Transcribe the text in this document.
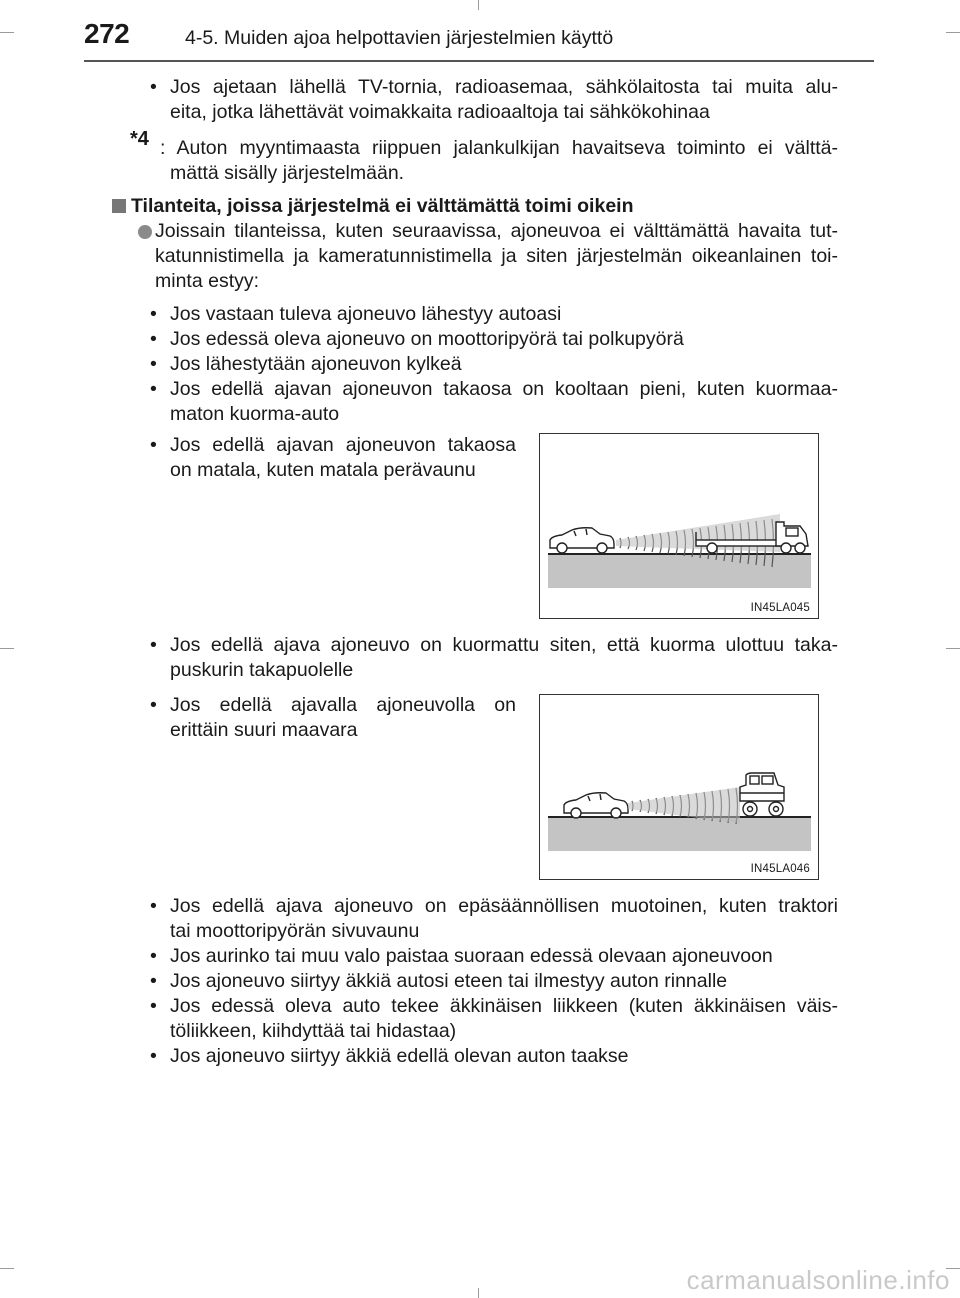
272	4-5. Muiden ajoa helpottavien järjestelmien käyttö
• Jos ajetaan lähellä TV-tornia, radioasemaa, sähkölaitosta tai muita alu-
eita, jotka lähettävät voimakkaita radioaaltoja tai sähkökohinaa
*4 : Auton myyntimaasta riippuen jalankulkijan havaitseva toiminto ei välttä-
mättä sisälly järjestelmään.
Tilanteita, joissa järjestelmä ei välttämättä toimi oikein
Joissain tilanteissa, kuten seuraavissa, ajoneuvoa ei välttämättä havaita tut-
katunnistimella ja kameratunnistimella ja siten järjestelmän oikeanlainen toi-
minta estyy:
• Jos vastaan tuleva ajoneuvo lähestyy autoasi
• Jos edessä oleva ajoneuvo on moottoripyörä tai polkupyörä
• Jos lähestytään ajoneuvon kylkeä
• Jos edellä ajavan ajoneuvon takaosa on kooltaan pieni, kuten kuormaa-
maton kuorma-auto
• Jos edellä ajavan ajoneuvon takaosa
on matala, kuten matala perävaunu
IN45LA045
• Jos edellä ajava ajoneuvo on kuormattu siten, että kuorma ulottuu taka-
puskurin takapuolelle
• Jos edellä ajavalla ajoneuvolla on
erittäin suuri maavara
IN45LA046
• Jos edellä ajava ajoneuvo on epäsäännöllisen muotoinen, kuten traktori
tai moottoripyörän sivuvaunu
• Jos aurinko tai muu valo paistaa suoraan edessä olevaan ajoneuvoon
• Jos ajoneuvo siirtyy äkkiä autosi eteen tai ilmestyy auton rinnalle
• Jos edessä oleva auto tekee äkkinäisen liikkeen (kuten äkkinäisen väis-
töliikkeen, kiihdyttää tai hidastaa)
• Jos ajoneuvo siirtyy äkkiä edellä olevan auton taakse
carmanualsonline.info
